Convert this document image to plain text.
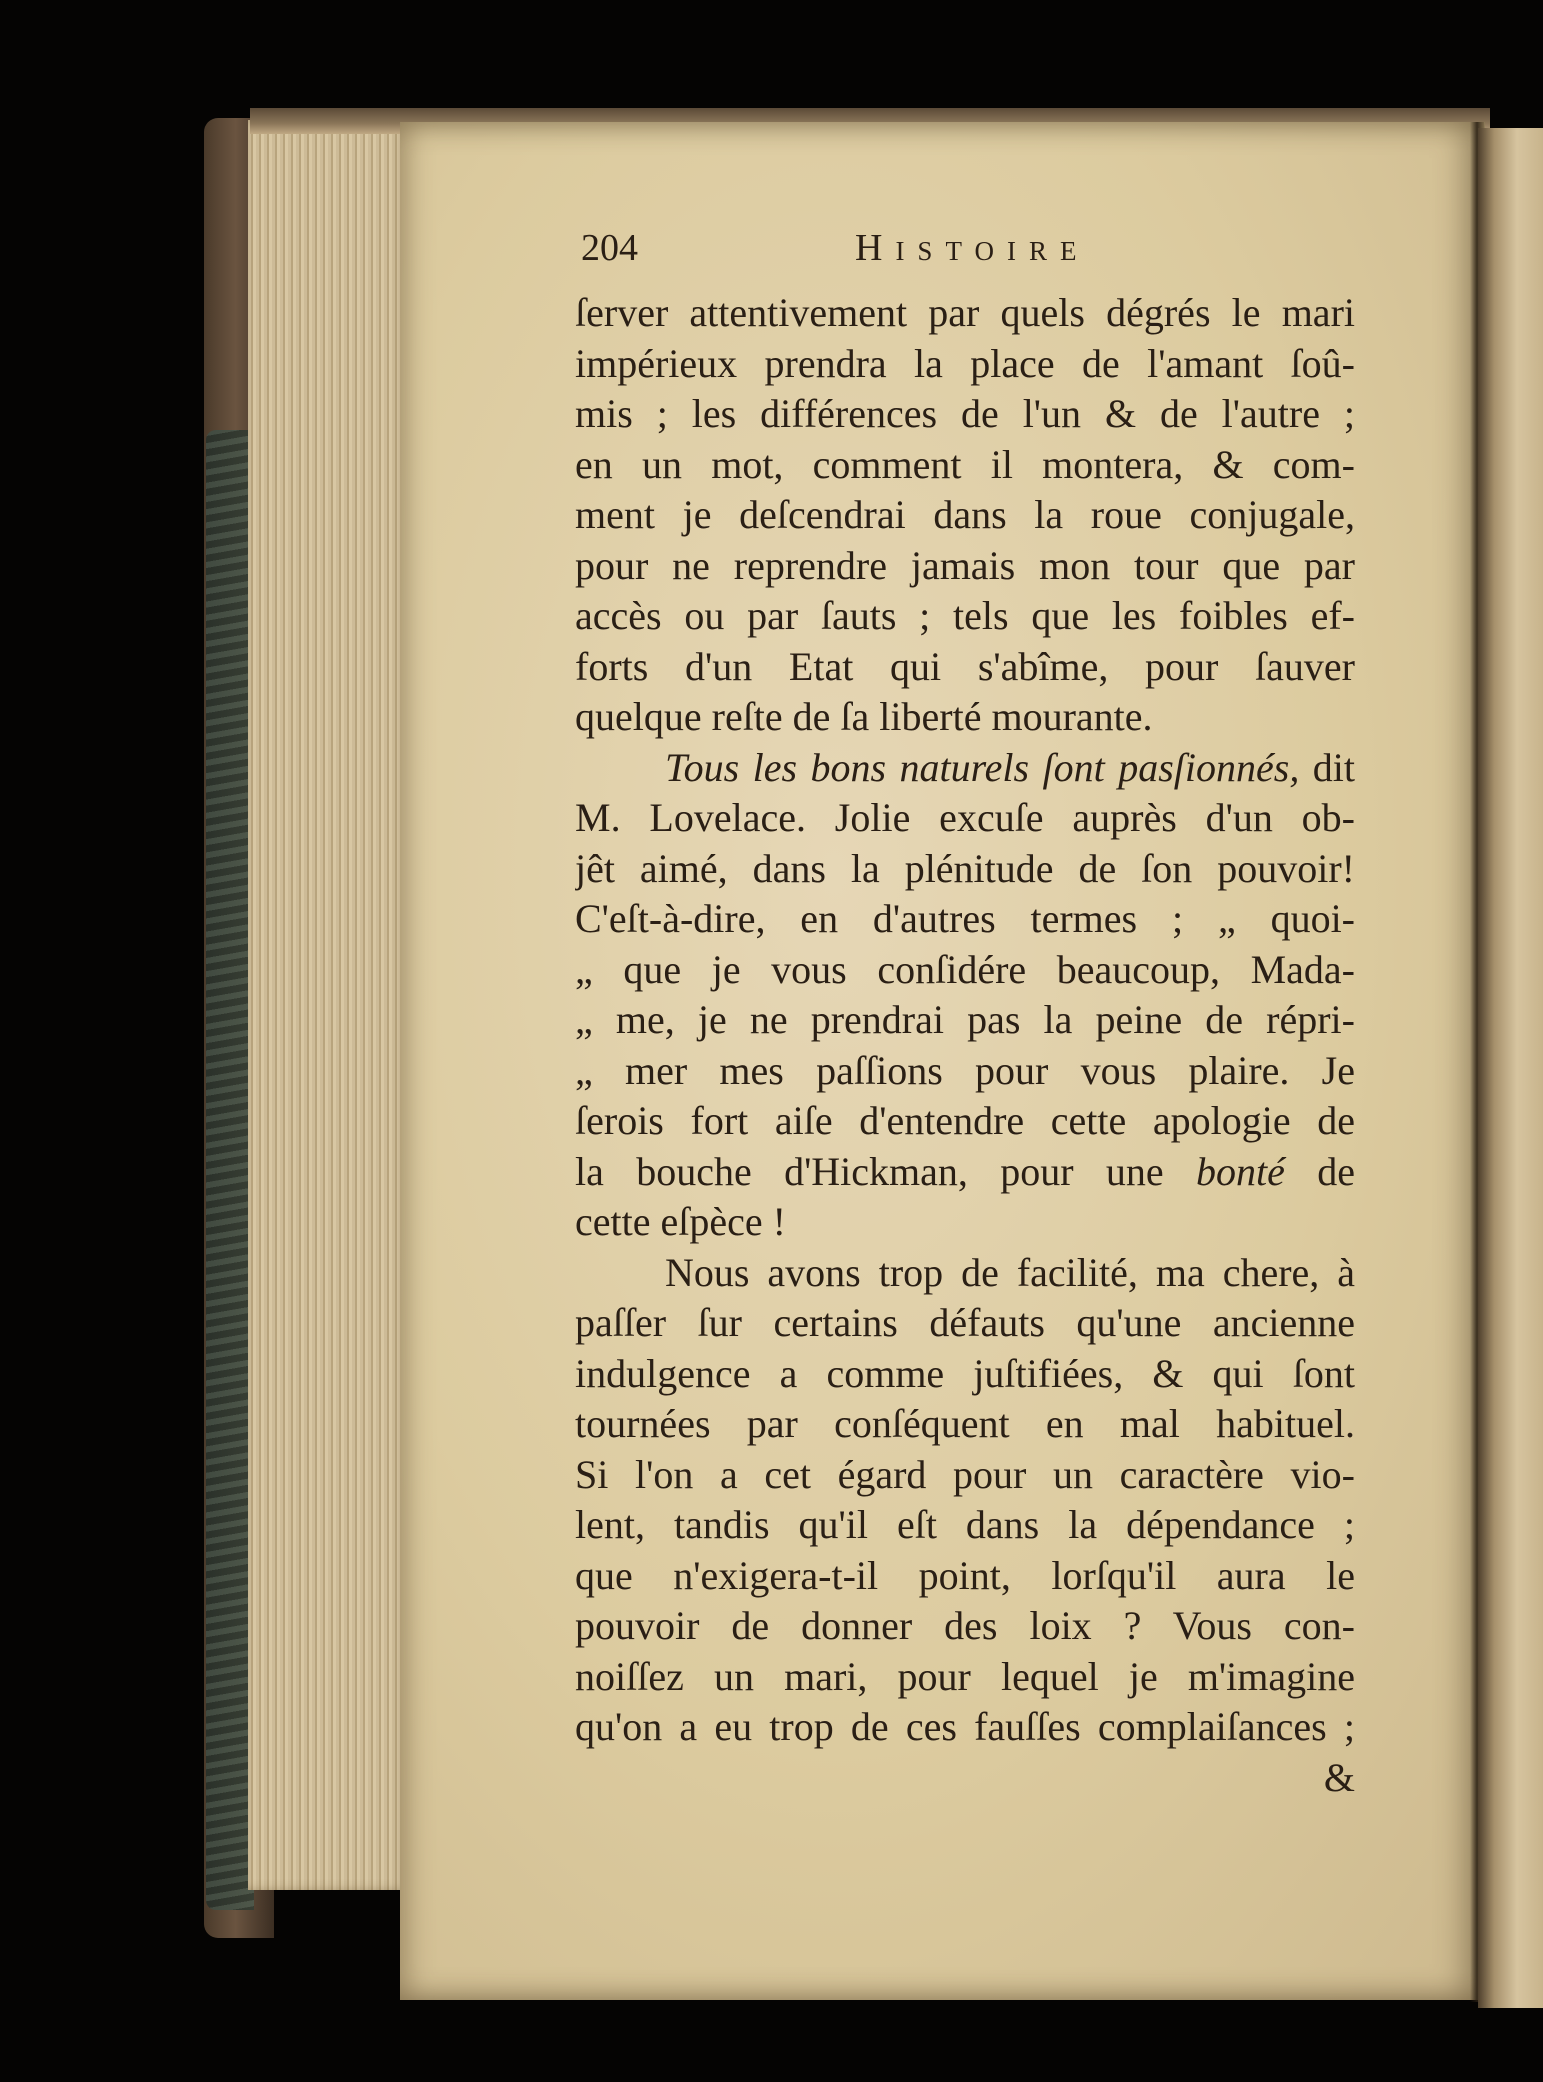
204	Histoire
ſerver attentivement par quels dégrés le mari
impérieux prendra la place de l'amant ſoû-
mis ; les différences de l'un & de l'autre ;
en un mot, comment il montera, & com-
ment je deſcendrai dans la roue conjugale,
pour ne reprendre jamais mon tour que par
accès ou par ſauts ; tels que les foibles ef-
forts d'un Etat qui s'abîme, pour ſauver
quelque reſte de ſa liberté mourante.
Tous les bons naturels ſont pasſionnés, dit
M. Lovelace. Jolie excuſe auprès d'un ob-
jêt aimé, dans la plénitude de ſon pouvoir!
C'eſt-à-dire, en d'autres termes ; „ quoi-
„ que je vous conſidére beaucoup, Mada-
„ me, je ne prendrai pas la peine de répri-
„ mer mes paſſions pour vous plaire. Je
ſerois fort aiſe d'entendre cette apologie de
la bouche d'Hickman, pour une bonté de
cette eſpèce !
Nous avons trop de facilité, ma chere, à
paſſer ſur certains défauts qu'une ancienne
indulgence a comme juſtifiées, & qui ſont
tournées par conſéquent en mal habituel.
Si l'on a cet égard pour un caractère vio-
lent, tandis qu'il eſt dans la dépendance ;
que n'exigera-t-il point, lorſqu'il aura le
pouvoir de donner des loix ? Vous con-
noiſſez un mari, pour lequel je m'imagine
qu'on a eu trop de ces fauſſes complaiſances ;
&
